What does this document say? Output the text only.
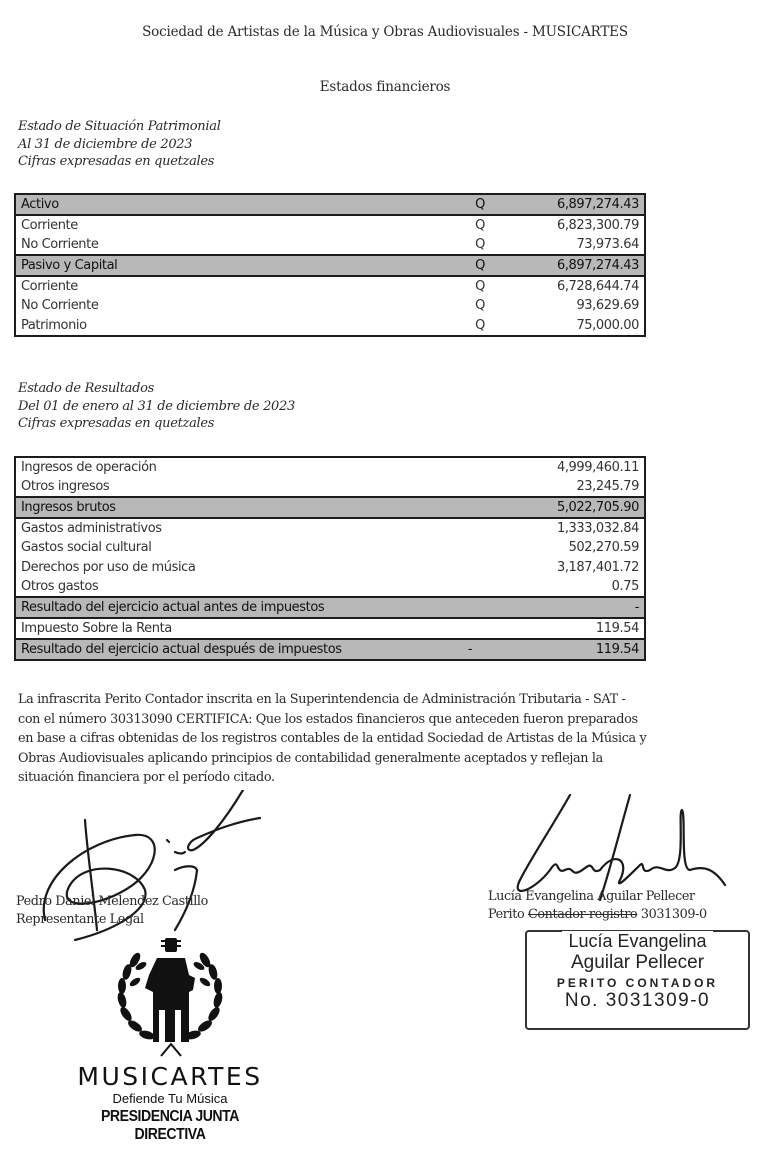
Sociedad de Artistas de la Música y Obras Audiovisuales - MUSICARTES
Estados financieros
Estado de Situación Patrimonial
Al 31 de diciembre de 2023
Cifras expresadas en quetzales
Activo	Q	6,897,274.43
Corriente	Q	6,823,300.79
No Corriente	Q	73,973.64
Pasivo y Capital	Q	6,897,274.43
Corriente	Q	6,728,644.74
No Corriente	Q	93,629.69
Patrimonio	Q	75,000.00
Estado de Resultados
Del 01 de enero al 31 de diciembre de 2023
Cifras expresadas en quetzales
Ingresos de operación		4,999,460.11
Otros ingresos		23,245.79
Ingresos brutos		5,022,705.90
Gastos administrativos		1,333,032.84
Gastos social cultural		502,270.59
Derechos por uso de música		3,187,401.72
Otros gastos		0.75
Resultado del ejercicio actual antes de impuestos		-
Impuesto Sobre la Renta		119.54
Resultado del ejercicio actual después de impuestos	-	119.54
La infrascrita Perito Contador inscrita en la Superintendencia de Administración Tributaria - SAT -
con el número 30313090 CERTIFICA: Que los estados financieros que anteceden fueron preparados
en base a cifras obtenidas de los registros contables de la entidad Sociedad de Artistas de la Música y
Obras Audiovisuales aplicando principios de contabilidad generalmente aceptados y reflejan la
situación financiera por el período citado.
Pedro Daniel Melendez Castillo
Representante Legal
Lucía Evangelina Aguilar Pellecer
Perito Contador registro 3031309-0
Lucía Evangelina
Aguilar Pellecer
PERITO CONTADOR
No. 3031309-0
MUSICARTES
Defiende Tu Música
PRESIDENCIA JUNTA DIRECTIVA
